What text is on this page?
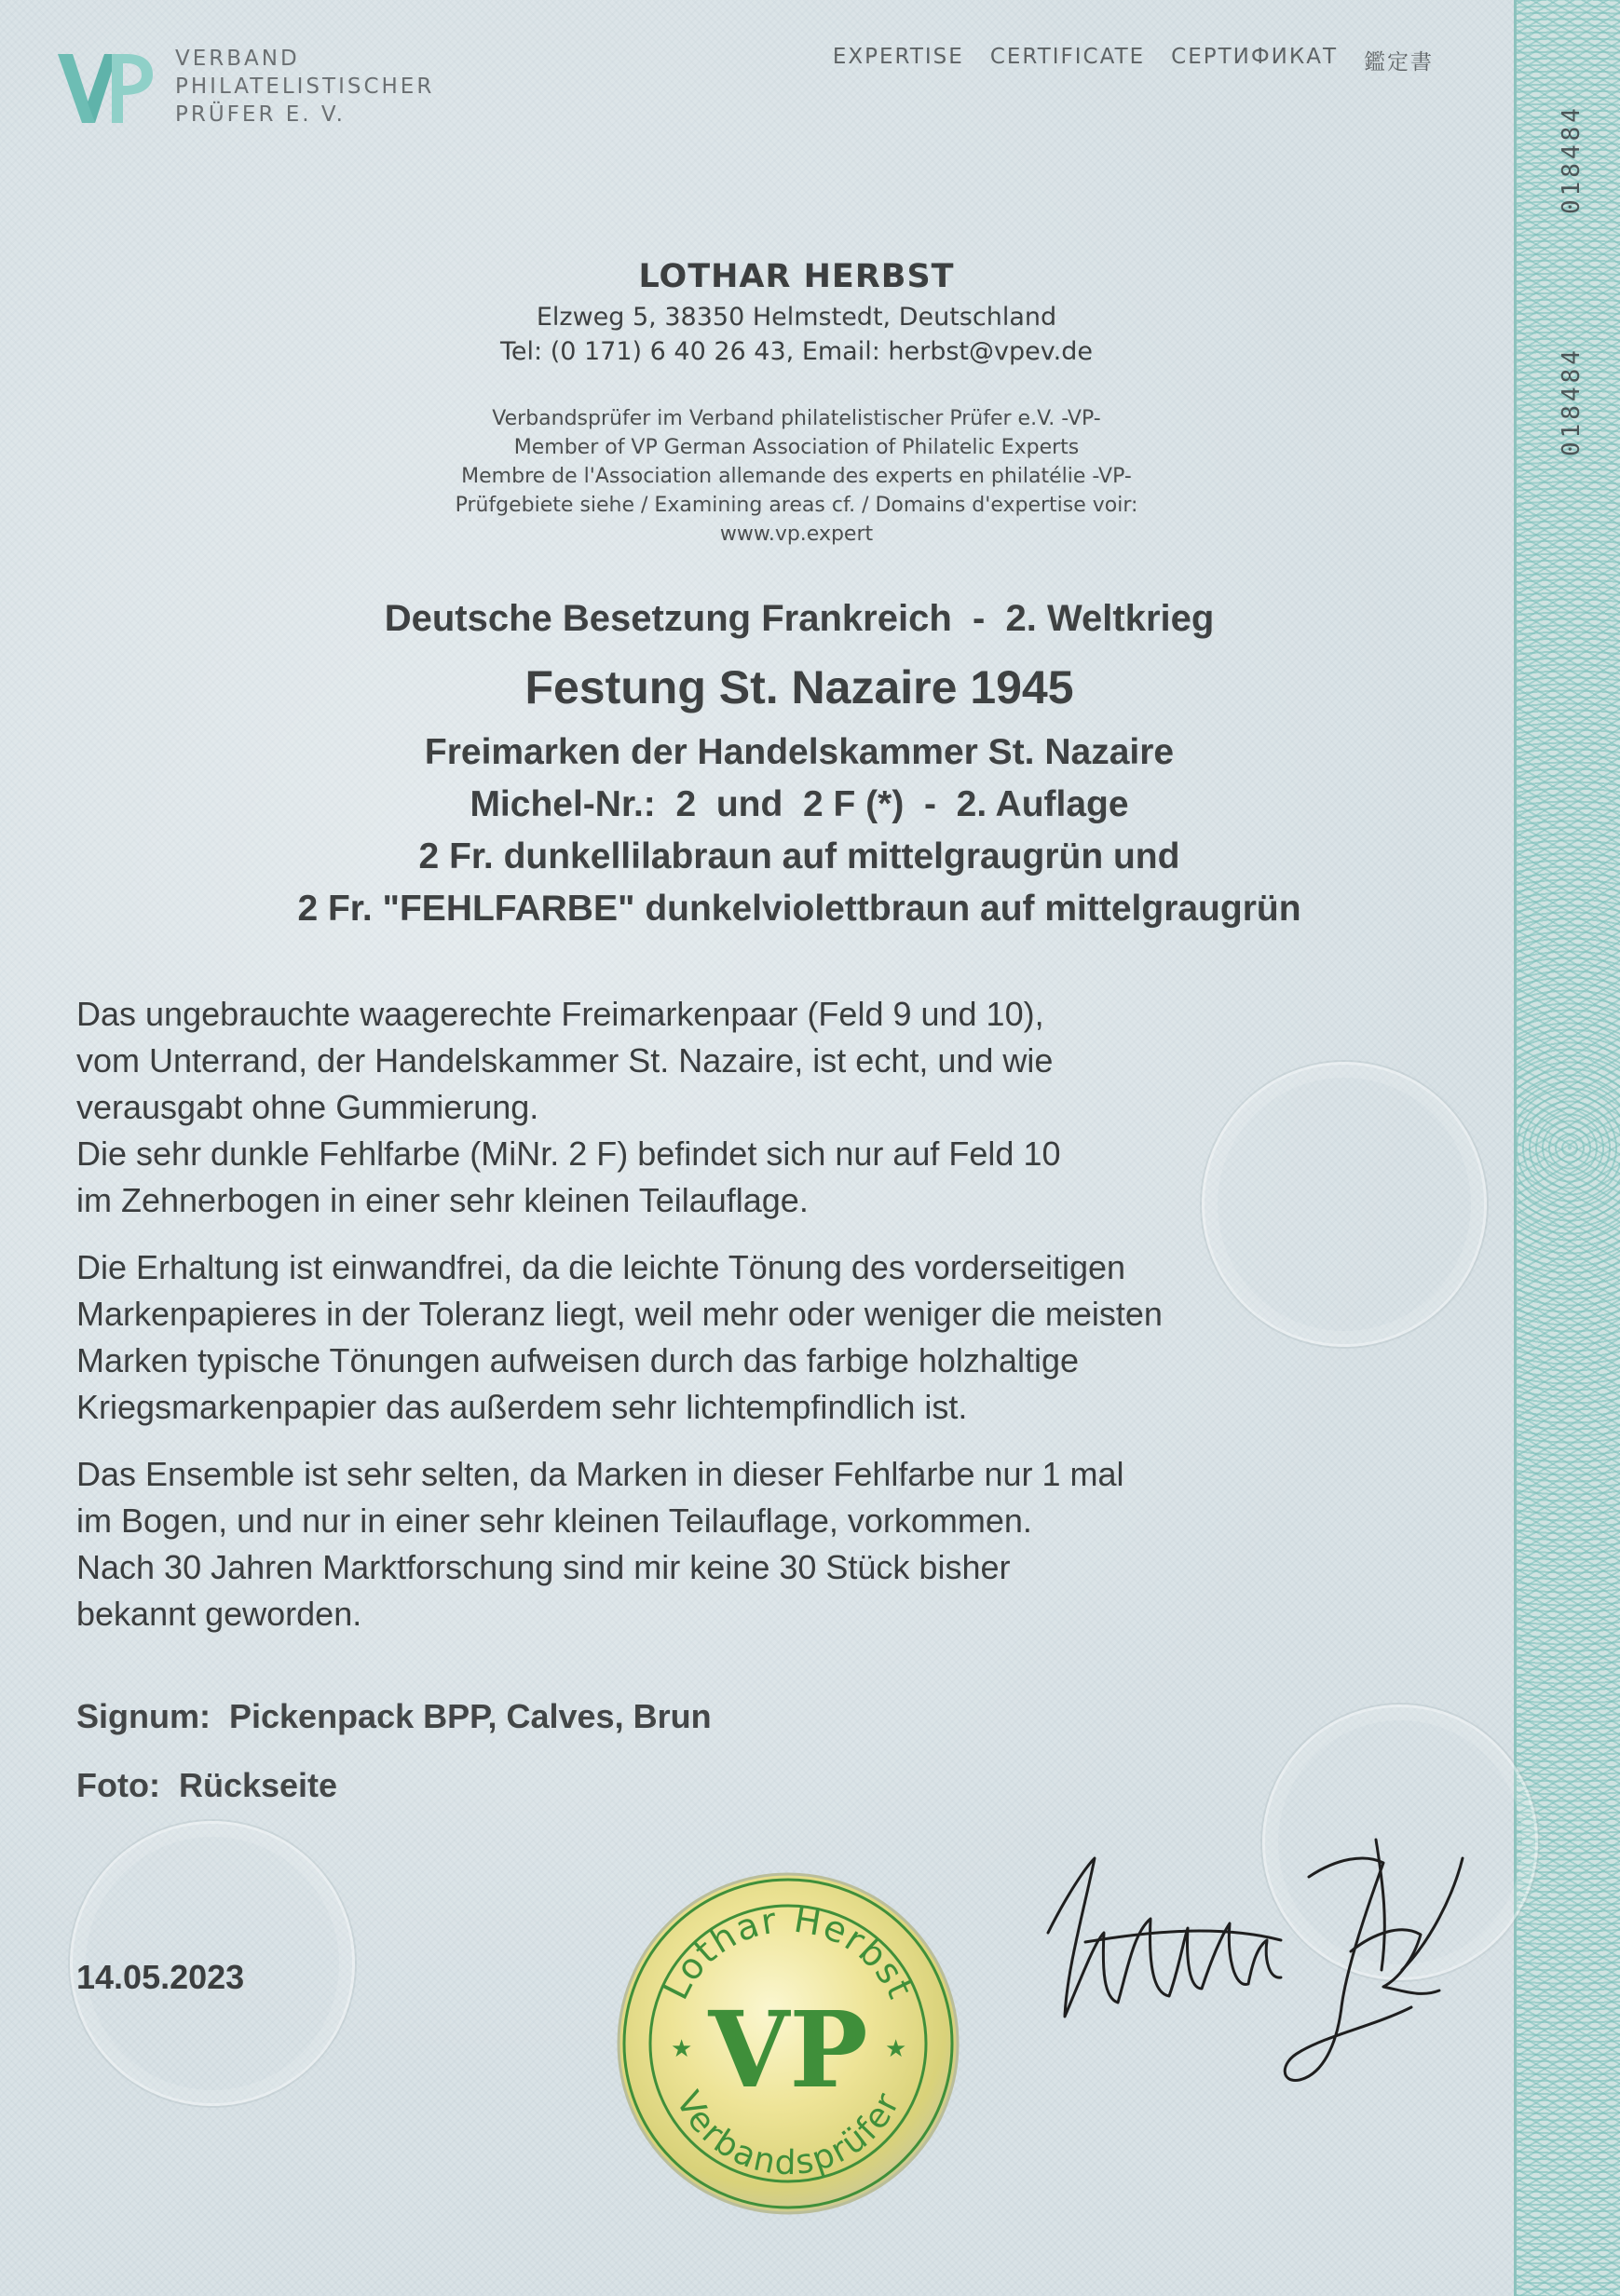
018484
018484
VERBAND
PHILATELISTISCHER
PRÜFER E. V.
EXPERTISE CERTIFICATE СЕРТИФИКАТ 鑑定書
LOTHAR HERBST
Elzweg 5, 38350 Helmstedt, Deutschland
Tel: (0 171) 6 40 26 43, Email: herbst@vpev.de
Verbandsprüfer im Verband philatelistischer Prüfer e.V. -VP-
Member of VP German Association of Philatelic Experts
Membre de l'Association allemande des experts en philatélie -VP-
Prüfgebiete siehe / Examining areas cf. / Domains d'expertise voir:
www.vp.expert
Deutsche Besetzung Frankreich  -  2. Weltkrieg
Festung St. Nazaire 1945
Freimarken der Handelskammer St. Nazaire
Michel-Nr.:  2  und  2 F (*)  -  2. Auflage
2 Fr. dunkellilabraun auf mittelgraugrün und
2 Fr. "FEHLFARBE" dunkelviolettbraun auf mittelgraugrün

Das ungebrauchte waagerechte Freimarkenpaar (Feld 9 und 10),
vom Unterrand, der Handelskammer St. Nazaire, ist echt, und wie
verausgabt ohne Gummierung.
Die sehr dunkle Fehlfarbe (MiNr. 2 F) befindet sich nur auf Feld 10
im Zehnerbogen in einer sehr kleinen Teilauflage.

Die Erhaltung ist einwandfrei, da die leichte Tönung des vorderseitigen
Markenpapieres in der Toleranz liegt, weil mehr oder weniger die meisten
Marken typische Tönungen aufweisen durch das farbige holzhaltige
Kriegsmarkenpapier das außerdem sehr lichtempfindlich ist.

Das Ensemble ist sehr selten, da Marken in dieser Fehlfarbe nur 1 mal
im Bogen, und nur in einer sehr kleinen Teilauflage, vorkommen.
Nach 30 Jahren Marktforschung sind mir keine 30 Stück bisher
bekannt geworden.

Signum:  Pickenpack BPP, Calves, Brun
Foto:  Rückseite
14.05.2023	Lothar Herbst
Verbandsprüfer
★	★
VP
